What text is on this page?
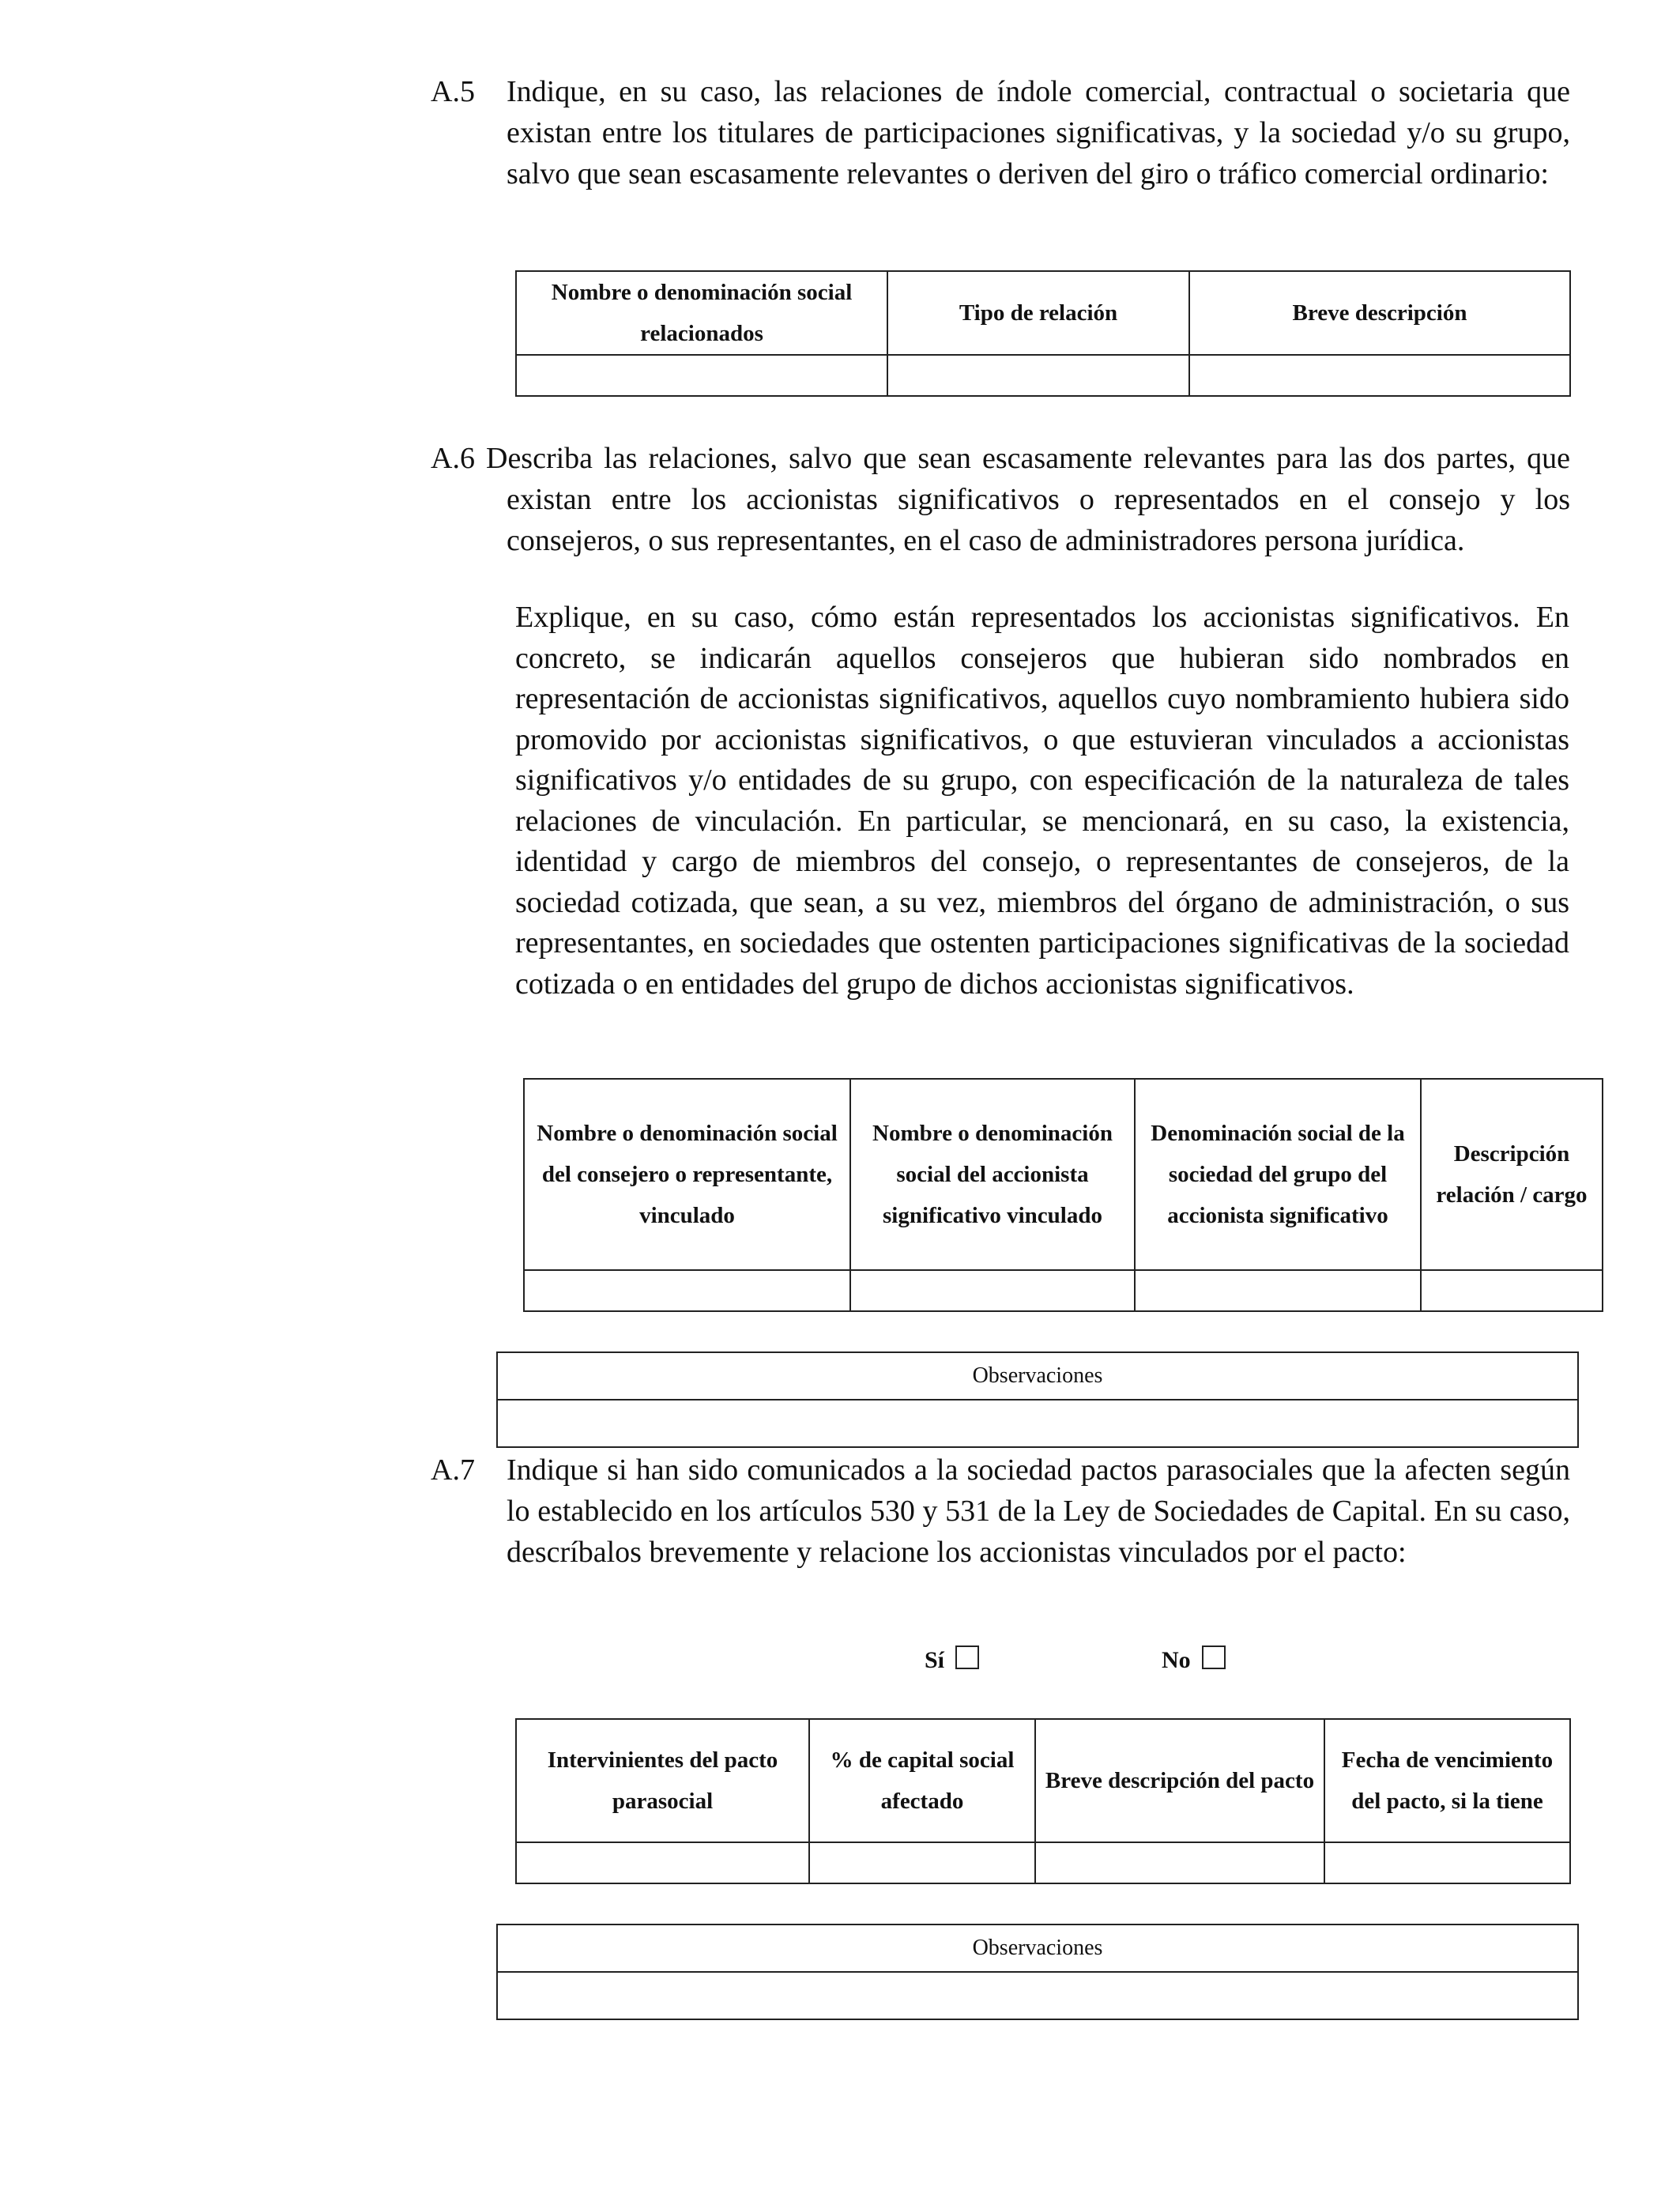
A.5 Indique, en su caso, las relaciones de índole comercial, contractual o societaria que existan entre los titulares de participaciones significativas, y la sociedad y/o su grupo, salvo que sean escasamente relevantes o deriven del giro o tráfico comercial ordinario:
Nombre o denominación social relacionados	Tipo de relación	Breve descripción

A.6 Describa las relaciones, salvo que sean escasamente relevantes para las dos partes, que existan entre los accionistas significativos o representados en el consejo y los consejeros, o sus representantes, en el caso de administradores persona jurídica.
Explique, en su caso, cómo están representados los accionistas significativos. En concreto, se indicarán aquellos consejeros que hubieran sido nombrados en representación de accionistas significativos, aquellos cuyo nombramiento hubiera sido promovido por accionistas significativos, o que estuvieran vinculados a accionistas significativos y/o entidades de su grupo, con especificación de la naturaleza de tales relaciones de vinculación. En particular, se mencionará, en su caso, la existencia, identidad y cargo de miembros del consejo, o representantes de consejeros, de la sociedad cotizada, que sean, a su vez, miembros del órgano de administración, o sus representantes, en sociedades que ostenten participaciones significativas de la sociedad cotizada o en entidades del grupo de dichos accionistas significativos.
Nombre o denominación social del consejero o representante, vinculado	Nombre o denominación social del accionista significativo vinculado	Denominación social de la sociedad del grupo del accionista significativo	Descripción relación / cargo

Observaciones

A.7 Indique si han sido comunicados a la sociedad pactos parasociales que la afecten según lo establecido en los artículos 530 y 531 de la Ley de Sociedades de Capital. En su caso, descríbalos brevemente y relacione los accionistas vinculados por el pacto:
Sí	No
Intervinientes del pacto parasocial	% de capital social afectado	Breve descripción del pacto	Fecha de vencimiento del pacto, si la tiene

Observaciones
